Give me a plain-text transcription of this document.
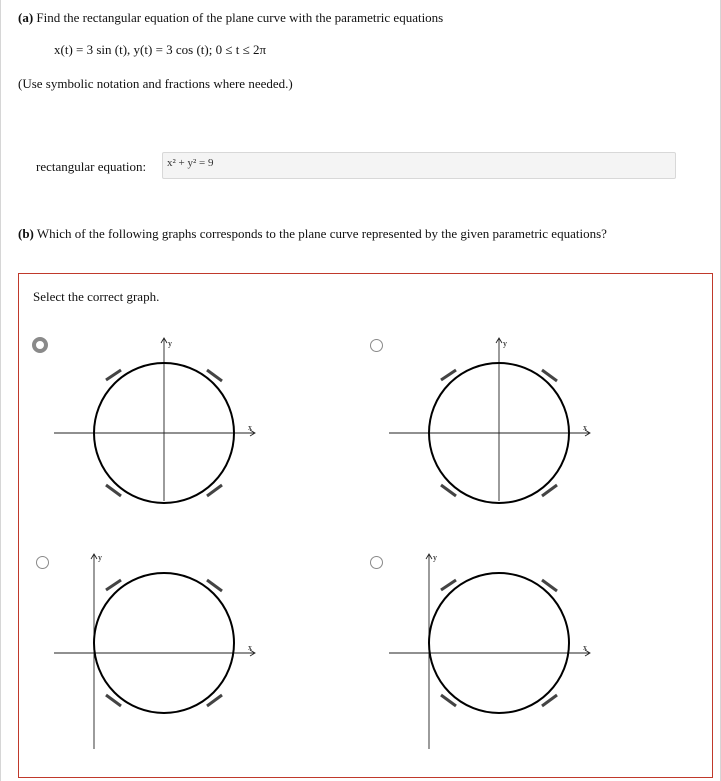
(a) Find the rectangular equation of the plane curve with the parametric equations
x(t) = 3 sin (t), y(t) = 3 cos (t); 0 ≤ t ≤ 2π
(Use symbolic notation and fractions where needed.)
rectangular equation:	x² + y² = 9
(b) Which of the following graphs corresponds to the plane curve represented by the given parametric equations?
Select the correct graph.
y
x
y
x
y
x
y
x
